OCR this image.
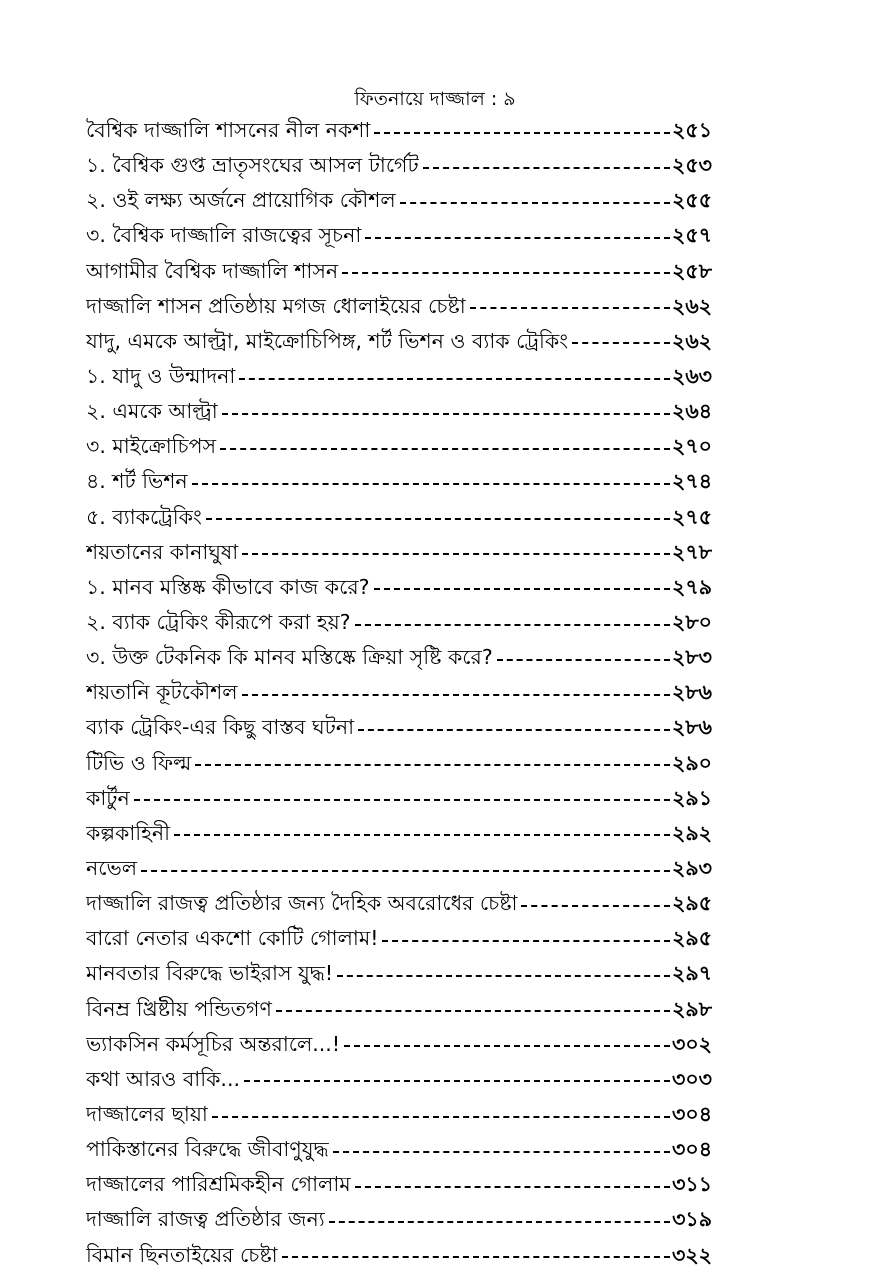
ফিতনায়ে দাজ্জাল : ৯
বৈশ্বিক দাজ্জালি শাসনের নীল নকশা	২৫১
১. বৈশ্বিক গুপ্ত ভ্রাতৃসংঘের আসল টার্গেট	২৫৩
২. ওই লক্ষ্য অর্জনে প্রায়োগিক কৌশল	২৫৫
৩. বৈশ্বিক দাজ্জালি রাজত্বের সূচনা	২৫৭
আগামীর বৈশ্বিক দাজ্জালি শাসন	২৫৮
দাজ্জালি শাসন প্রতিষ্ঠায় মগজ ধোলাইয়ের চেষ্টা	২৬২
যাদু, এমকে আল্ট্রা, মাইক্রোচিপিঙ্গ, শর্ট ভিশন ও ব্যাক ট্রেকিং	২৬২
১. যাদু ও উন্মাদনা	২৬৩
২. এমকে আল্ট্রা	২৬৪
৩. মাইক্রোচিপস	২৭০
৪. শর্ট ভিশন	২৭৪
৫. ব্যাকট্রেকিং	২৭৫
শয়তানের কানাঘুষা	২৭৮
১. মানব মস্তিষ্ক কীভাবে কাজ করে?	২৭৯
২. ব্যাক ট্রেকিং কীরূপে করা হয়?	২৮০
৩. উক্ত টেকনিক কি মানব মস্তিষ্কে ক্রিয়া সৃষ্টি করে?	২৮৩
শয়তানি কূটকৌশল	২৮৬
ব্যাক ট্রেকিং-এর কিছু বাস্তব ঘটনা	২৮৬
টিভি ও ফিল্ম	২৯০
কার্টুন	২৯১
কল্পকাহিনী	২৯২
নভেল	২৯৩
দাজ্জালি রাজত্ব প্রতিষ্ঠার জন্য দৈহিক অবরোধের চেষ্টা	২৯৫
বারো নেতার একশো কোটি গোলাম!	২৯৫
মানবতার বিরুদ্ধে ভাইরাস যুদ্ধ!	২৯৭
বিনম্র খ্রিষ্টীয় পন্ডিতগণ	২৯৮
ভ্যাকসিন কর্মসূচির অন্তরালে...!	৩০২
কথা আরও বাকি...	৩০৩
দাজ্জালের ছায়া	৩০৪
পাকিস্তানের বিরুদ্ধে জীবাণুযুদ্ধ	৩০৪
দাজ্জালের পারিশ্রমিকহীন গোলাম	৩১১
দাজ্জালি রাজত্ব প্রতিষ্ঠার জন্য	৩১৯
বিমান ছিনতাইয়ের চেষ্টা	৩২২
